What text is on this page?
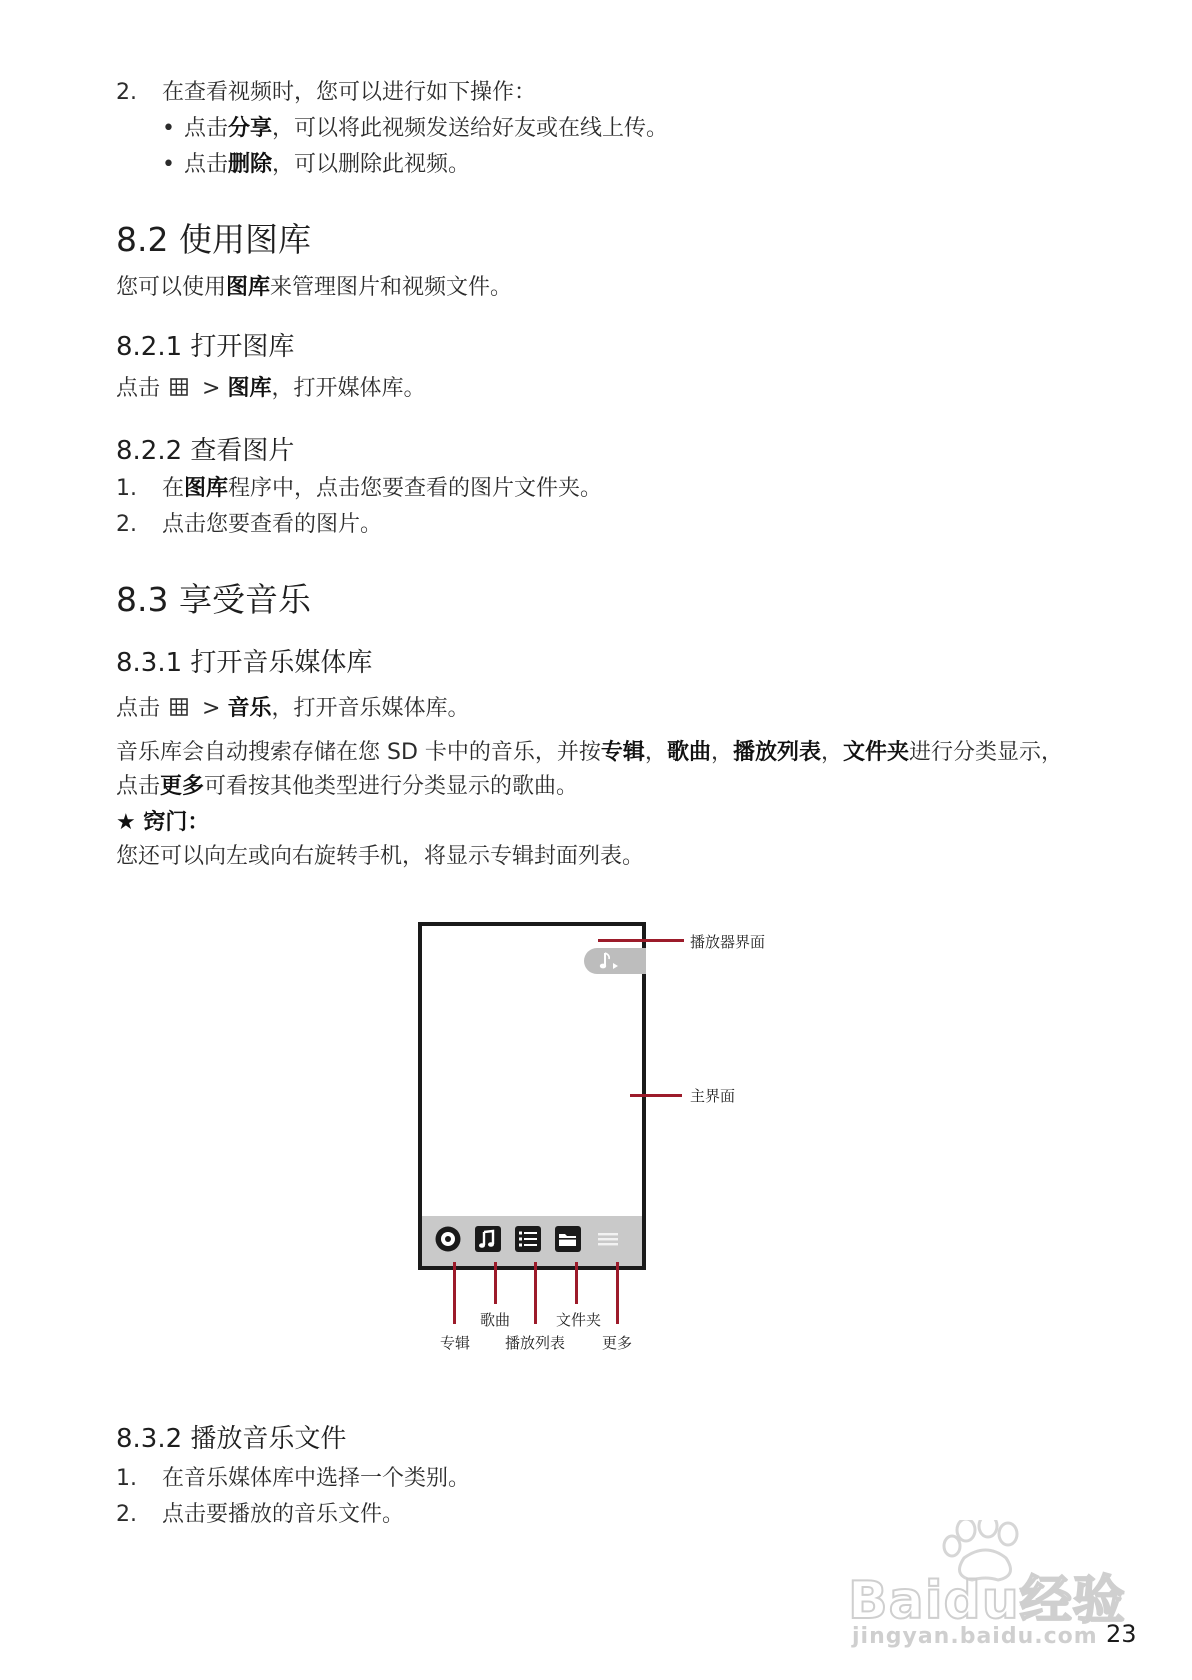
2. 在查看视频时，您可以进行如下操作：
• 点击分享，可以将此视频发送给好友或在线上传。
• 点击删除，可以删除此视频。
8.2 使用图库
您可以使用图库来管理图片和视频文件。
8.2.1 打开图库
点击 > 图库，打开媒体库。
8.2.2 查看图片
1. 在图库程序中，点击您要查看的图片文件夹。
2. 点击您要查看的图片。
8.3 享受音乐
8.3.1 打开音乐媒体库
点击 > 音乐，打开音乐媒体库。
音乐库会自动搜索存储在您 SD 卡中的音乐，并按专辑，歌曲，播放列表，文件夹进行分类显示，
点击更多可看按其他类型进行分类显示的歌曲。
★ 窍门：
您还可以向左或向右旋转手机，将显示专辑封面列表。
播放器界面
主界面
专辑
歌曲
播放列表
文件夹
更多
8.3.2 播放音乐文件
1. 在音乐媒体库中选择一个类别。
2. 点击要播放的音乐文件。
Baidu经验
jingyan.baidu.com 23
